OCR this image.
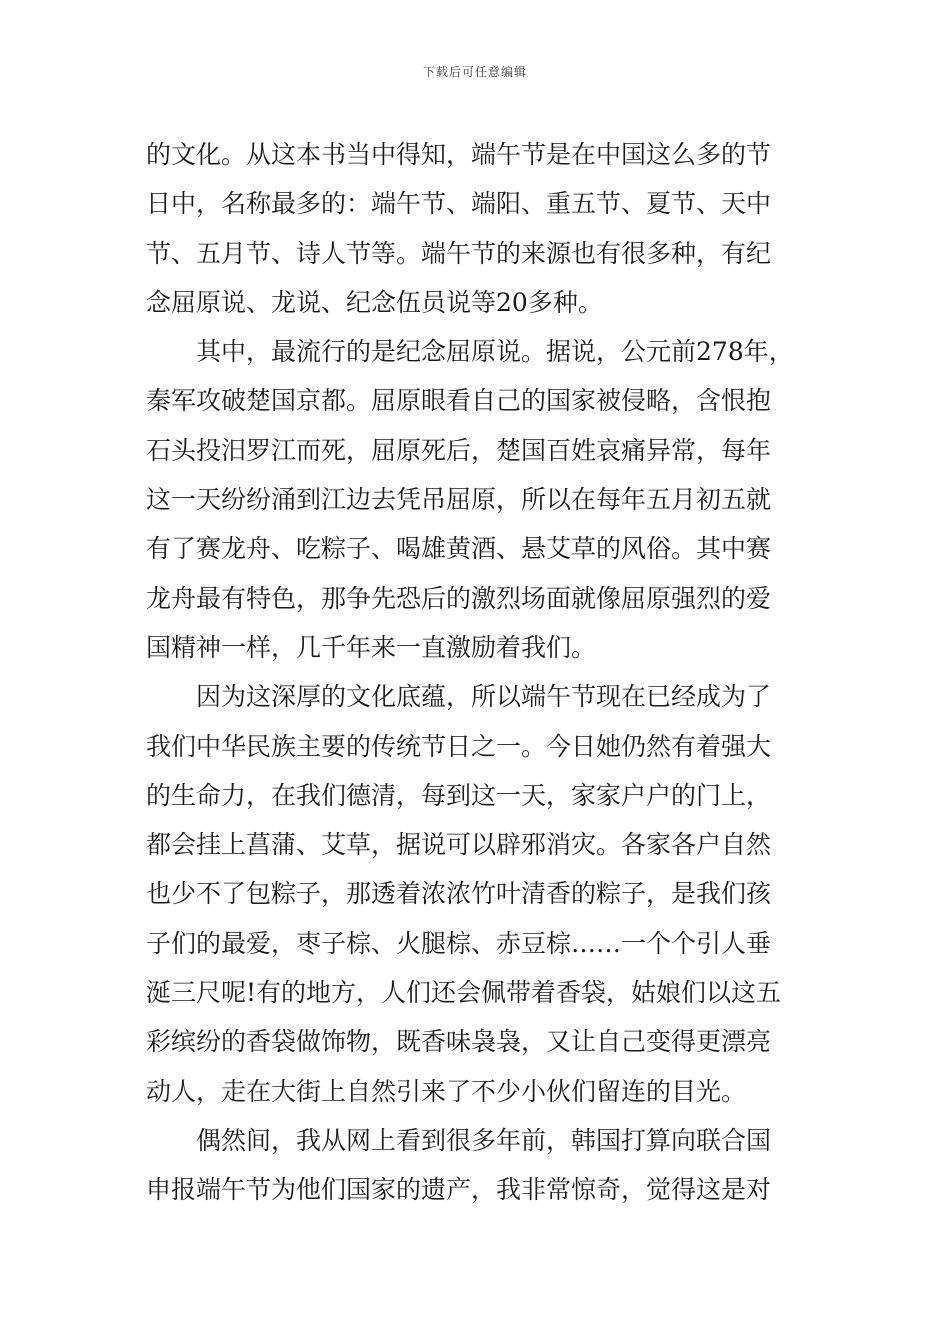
下载后可任意编辑
的文化。从这本书当中得知，端午节是在中国这么多的节
日中，名称最多的：端午节、端阳、重五节、夏节、天中
节、五月节、诗人节等。端午节的来源也有很多种，有纪
念屈原说、龙说、纪念伍员说等20多种。
其中，最流行的是纪念屈原说。据说，公元前278年，
秦军攻破楚国京都。屈原眼看自己的国家被侵略，含恨抱
石头投汨罗江而死，屈原死后，楚国百姓哀痛异常，每年
这一天纷纷涌到江边去凭吊屈原，所以在每年五月初五就
有了赛龙舟、吃粽子、喝雄黄酒、悬艾草的风俗。其中赛
龙舟最有特色，那争先恐后的激烈场面就像屈原强烈的爱
国精神一样，几千年来一直激励着我们。
因为这深厚的文化底蕴，所以端午节现在已经成为了
我们中华民族主要的传统节日之一。今日她仍然有着强大
的生命力，在我们德清，每到这一天，家家户户的门上，
都会挂上菖蒲、艾草，据说可以辟邪消灾。各家各户自然
也少不了包粽子，那透着浓浓竹叶清香的粽子，是我们孩
子们的最爱，枣子棕、火腿棕、赤豆棕……一个个引人垂
涎三尺呢!有的地方，人们还会佩带着香袋，姑娘们以这五
彩缤纷的香袋做饰物，既香味袅袅，又让自己变得更漂亮
动人，走在大街上自然引来了不少小伙们留连的目光。
偶然间，我从网上看到很多年前，韩国打算向联合国
申报端午节为他们国家的遗产，我非常惊奇，觉得这是对
